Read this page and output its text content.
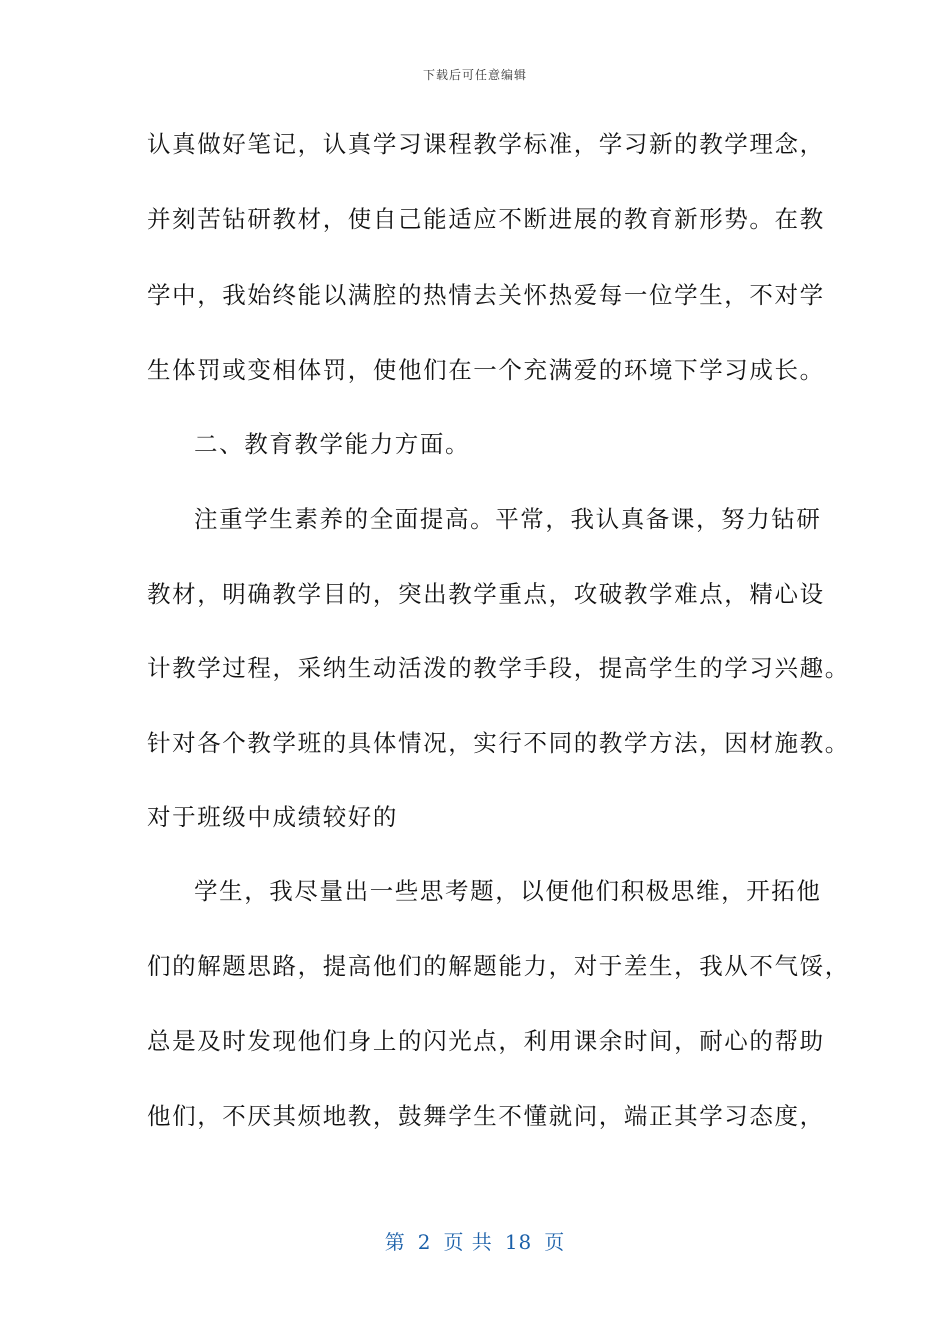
下载后可任意编辑
认真做好笔记，认真学习课程教学标准，学习新的教学理念，
并刻苦钻研教材，使自己能适应不断进展的教育新形势。在教
学中，我始终能以满腔的热情去关怀热爱每一位学生，不对学
生体罚或变相体罚，使他们在一个充满爱的环境下学习成长。
二、教育教学能力方面。
注重学生素养的全面提高。平常，我认真备课，努力钻研
教材，明确教学目的，突出教学重点，攻破教学难点，精心设
计教学过程，采纳生动活泼的教学手段，提高学生的学习兴趣。
针对各个教学班的具体情况，实行不同的教学方法，因材施教。
对于班级中成绩较好的
学生，我尽量出一些思考题，以便他们积极思维，开拓他
们的解题思路，提高他们的解题能力，对于差生，我从不气馁，
总是及时发现他们身上的闪光点，利用课余时间，耐心的帮助
他们，不厌其烦地教，鼓舞学生不懂就问，端正其学习态度，
第 2 页 共 18 页
